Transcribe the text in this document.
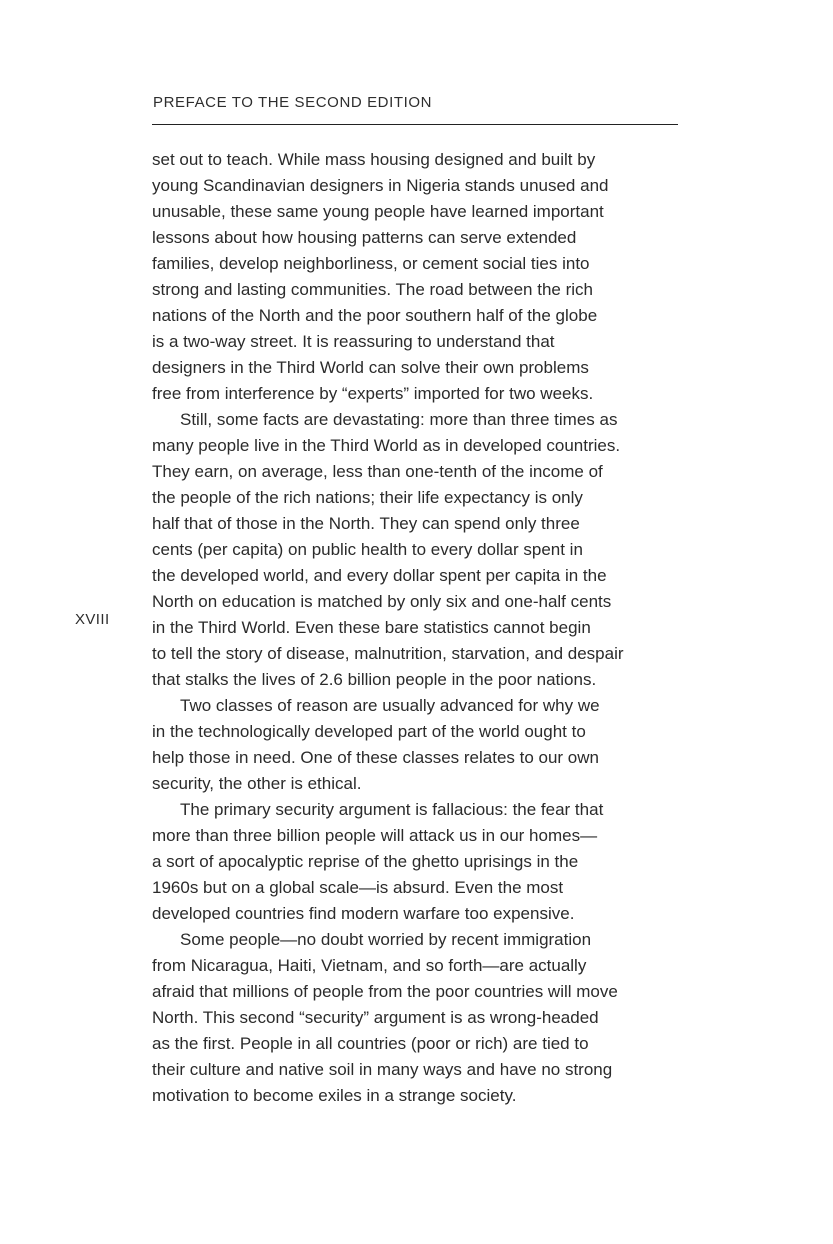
PREFACE TO THE SECOND EDITION
XVIII

set out to teach. While mass housing designed and built by
young Scandinavian designers in Nigeria stands unused and
unusable, these same young people have learned important
lessons about how housing patterns can serve extended
families, develop neighborliness, or cement social ties into
strong and lasting communities. The road between the rich
nations of the North and the poor southern half of the globe
is a two-way street. It is reassuring to understand that
designers in the Third World can solve their own problems
free from interference by “experts” imported for two weeks.

Still, some facts are devastating: more than three times as
many people live in the Third World as in developed countries.
They earn, on average, less than one-tenth of the income of
the people of the rich nations; their life expectancy is only
half that of those in the North. They can spend only three
cents (per capita) on public health to every dollar spent in
the developed world, and every dollar spent per capita in the
North on education is matched by only six and one-half cents
in the Third World. Even these bare statistics cannot begin
to tell the story of disease, malnutrition, starvation, and despair
that stalks the lives of 2.6 billion people in the poor nations.

Two classes of reason are usually advanced for why we
in the technologically developed part of the world ought to
help those in need. One of these classes relates to our own
security, the other is ethical.

The primary security argument is fallacious: the fear that
more than three billion people will attack us in our homes—
a sort of apocalyptic reprise of the ghetto uprisings in the
1960s but on a global scale—is absurd. Even the most
developed countries find modern warfare too expensive.

Some people—no doubt worried by recent immigration
from Nicaragua, Haiti, Vietnam, and so forth—are actually
afraid that millions of people from the poor countries will move
North. This second “security” argument is as wrong-headed
as the first. People in all countries (poor or rich) are tied to
their culture and native soil in many ways and have no strong
motivation to become exiles in a strange society.
